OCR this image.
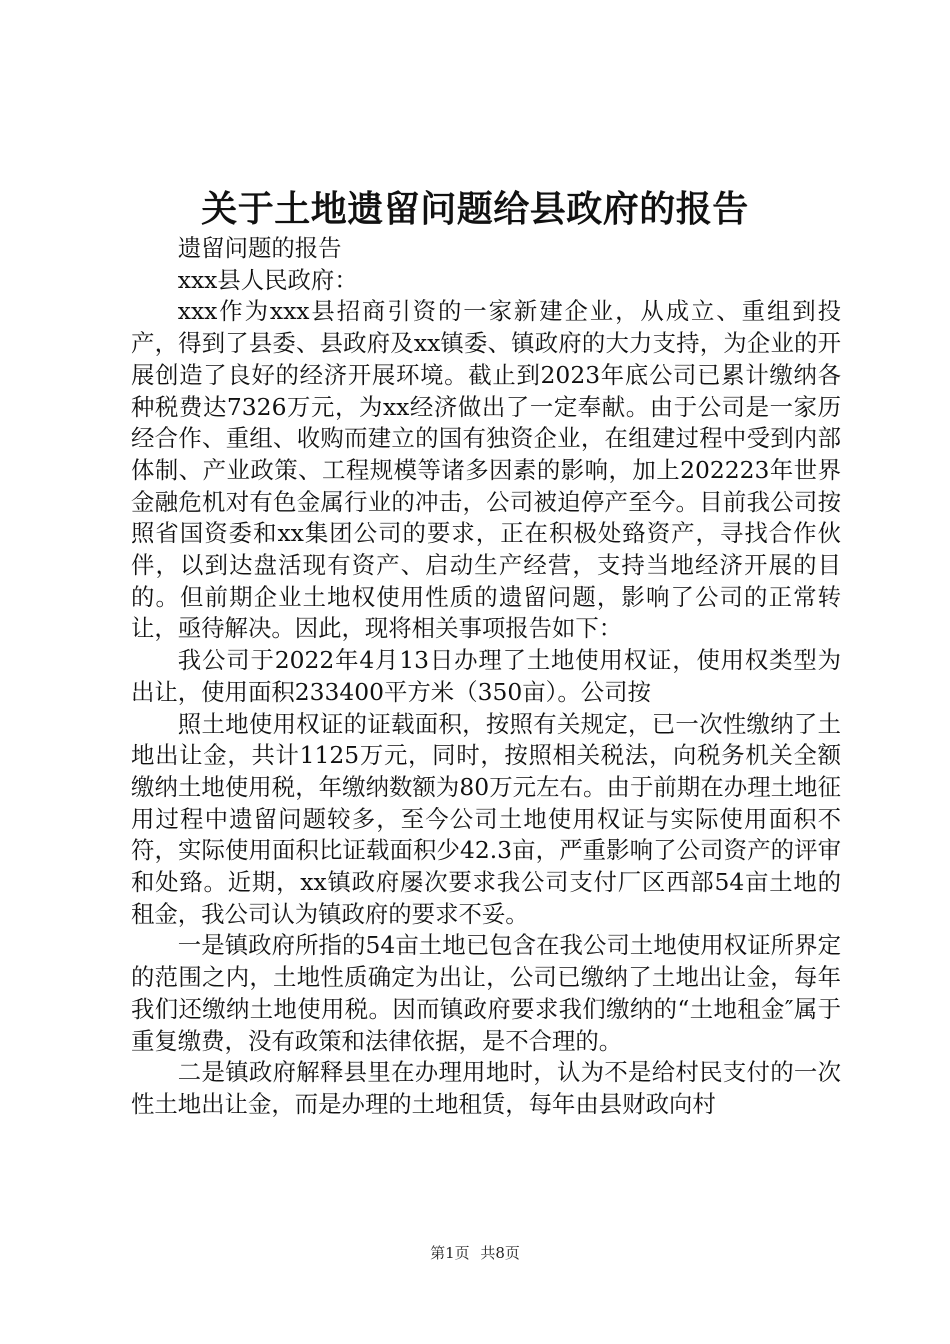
关于土地遗留问题给县政府的报告

遗留问题的报告

xxx县人民政府：

xxx作为xxx县招商引资的一家新建企业，从成立、重组到投产，得到了县委、县政府及xx镇委、镇政府的大力支持，为企业的开展创造了良好的经济开展环境。截止到2023年底公司已累计缴纳各种税费达7326万元，为xx经济做出了一定奉献。由于公司是一家历经合作、重组、收购而建立的国有独资企业，在组建过程中受到内部体制、产业政策、工程规模等诸多因素的影响，加上202223年世界金融危机对有色金属行业的冲击，公司被迫停产至今。目前我公司按照省国资委和xx集团公司的要求，正在积极处臵资产，寻找合作伙伴，以到达盘活现有资产、启动生产经营，支持当地经济开展的目的。但前期企业土地权使用性质的遗留问题，影响了公司的正常转让，亟待解决。因此，现将相关事项报告如下：

我公司于2022年4月13日办理了土地使用权证，使用权类型为出让，使用面积233400平方米（350亩）。公司按

照土地使用权证的证载面积，按照有关规定，已一次性缴纳了土地出让金，共计1125万元，同时，按照相关税法，向税务机关全额缴纳土地使用税，年缴纳数额为80万元左右。由于前期在办理土地征用过程中遗留问题较多，至今公司土地使用权证与实际使用面积不符，实际使用面积比证载面积少42.3亩，严重影响了公司资产的评审和处臵。近期，xx镇政府屡次要求我公司支付厂区西部54亩土地的租金，我公司认为镇政府的要求不妥。

一是镇政府所指的54亩土地已包含在我公司土地使用权证所界定的范围之内，土地性质确定为出让，公司已缴纳了土地出让金，每年我们还缴纳土地使用税。因而镇政府要求我们缴纳的“土地租金″属于重复缴费，没有政策和法律依据，是不合理的。

二是镇政府解释县里在办理用地时，认为不是给村民支付的一次性土地出让金，而是办理的土地租赁，每年由县财政向村

第1页 共8页
